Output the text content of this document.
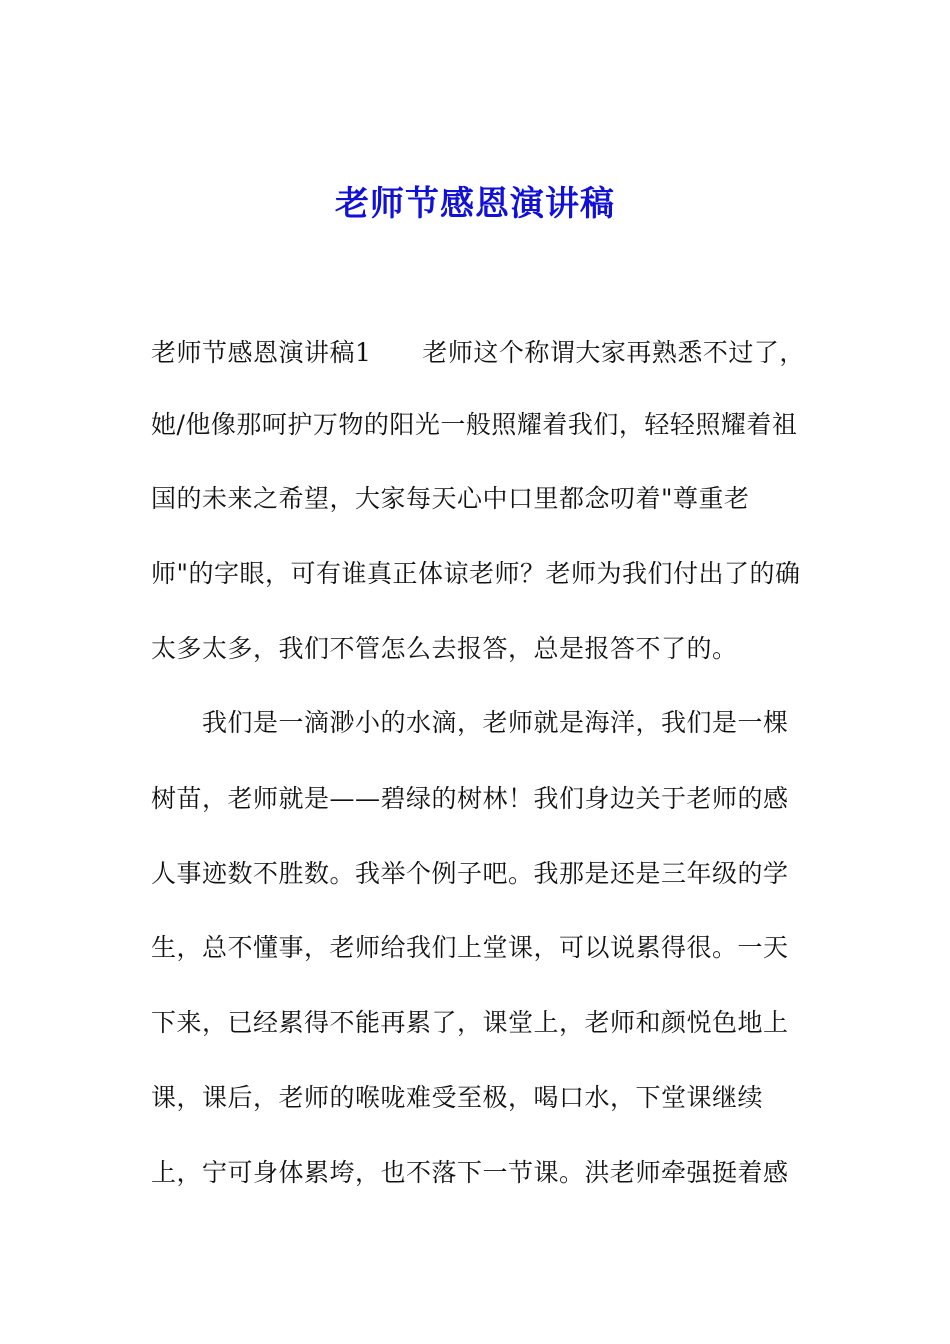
老师节感恩演讲稿
老师节感恩演讲稿1　　老师这个称谓大家再熟悉不过了，
她/他像那呵护万物的阳光一般照耀着我们，轻轻照耀着祖
国的未来之希望，大家每天心中口里都念叨着"尊重老
师"的字眼，可有谁真正体谅老师？老师为我们付出了的确
太多太多，我们不管怎么去报答，总是报答不了的。
我们是一滴渺小的水滴，老师就是海洋，我们是一棵
树苗，老师就是——碧绿的树林！我们身边关于老师的感
人事迹数不胜数。我举个例子吧。我那是还是三年级的学
生，总不懂事，老师给我们上堂课，可以说累得很。一天
下来，已经累得不能再累了，课堂上，老师和颜悦色地上
课，课后，老师的喉咙难受至极，喝口水，下堂课继续
上，宁可身体累垮，也不落下一节课。洪老师牵强挺着感
